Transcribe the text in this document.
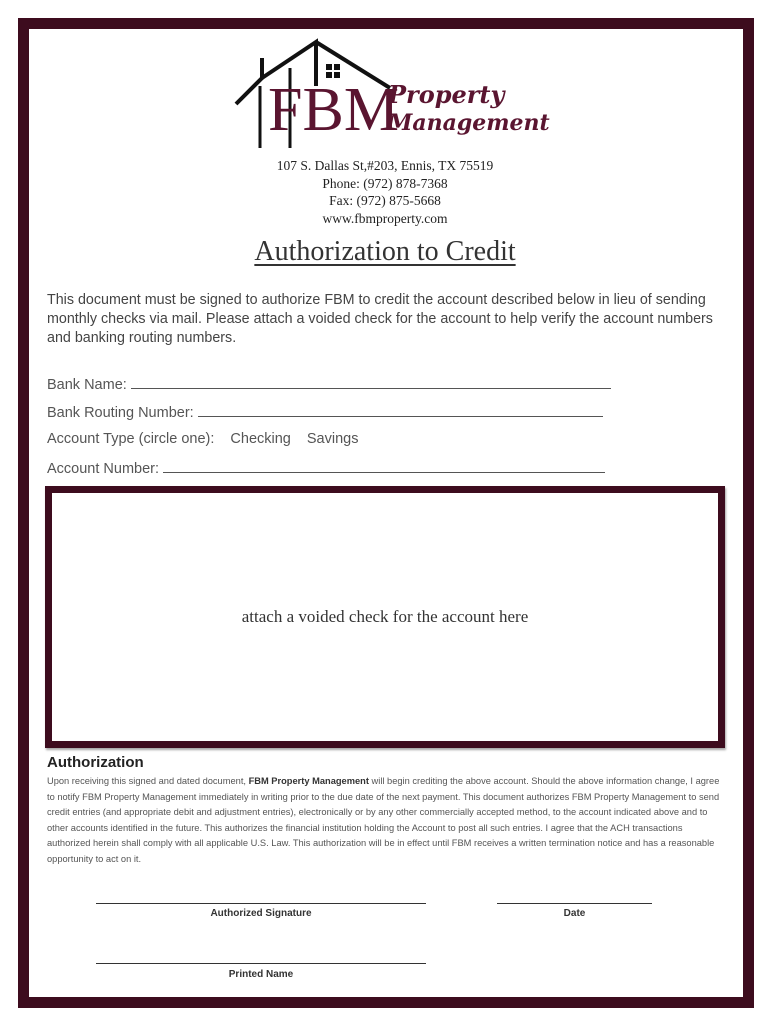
FBM
Property
Management
107 S. Dallas St,#203, Ennis, TX 75519
Phone: (972) 878-7368
Fax: (972) 875-5668
www.fbmproperty.com
Authorization to Credit
This document must be signed to authorize FBM to credit the account described below in lieu of sending monthly checks via mail. Please attach a voided check for the account to help verify the account numbers and banking routing numbers.
Bank Name:
Bank Routing Number:
Account Type (circle one): Checking Savings
Account Number:
attach a voided check for the account here
Authorization
Upon receiving this signed and dated document, FBM Property Management will begin crediting the above account. Should the above information change, I agree to notify FBM Property Management immediately in writing prior to the due date of the next payment. This document authorizes FBM Property Management to send credit entries (and appropriate debit and adjustment entries), electronically or by any other commercially accepted method, to the account indicated above and to other accounts identified in the future. This authorizes the financial institution holding the Account to post all such entries. I agree that the ACH transactions authorized herein shall comply with all applicable U.S. Law. This authorization will be in effect until FBM receives a written termination notice and has a reasonable opportunity to act on it.
Authorized Signature	Date
Printed Name
